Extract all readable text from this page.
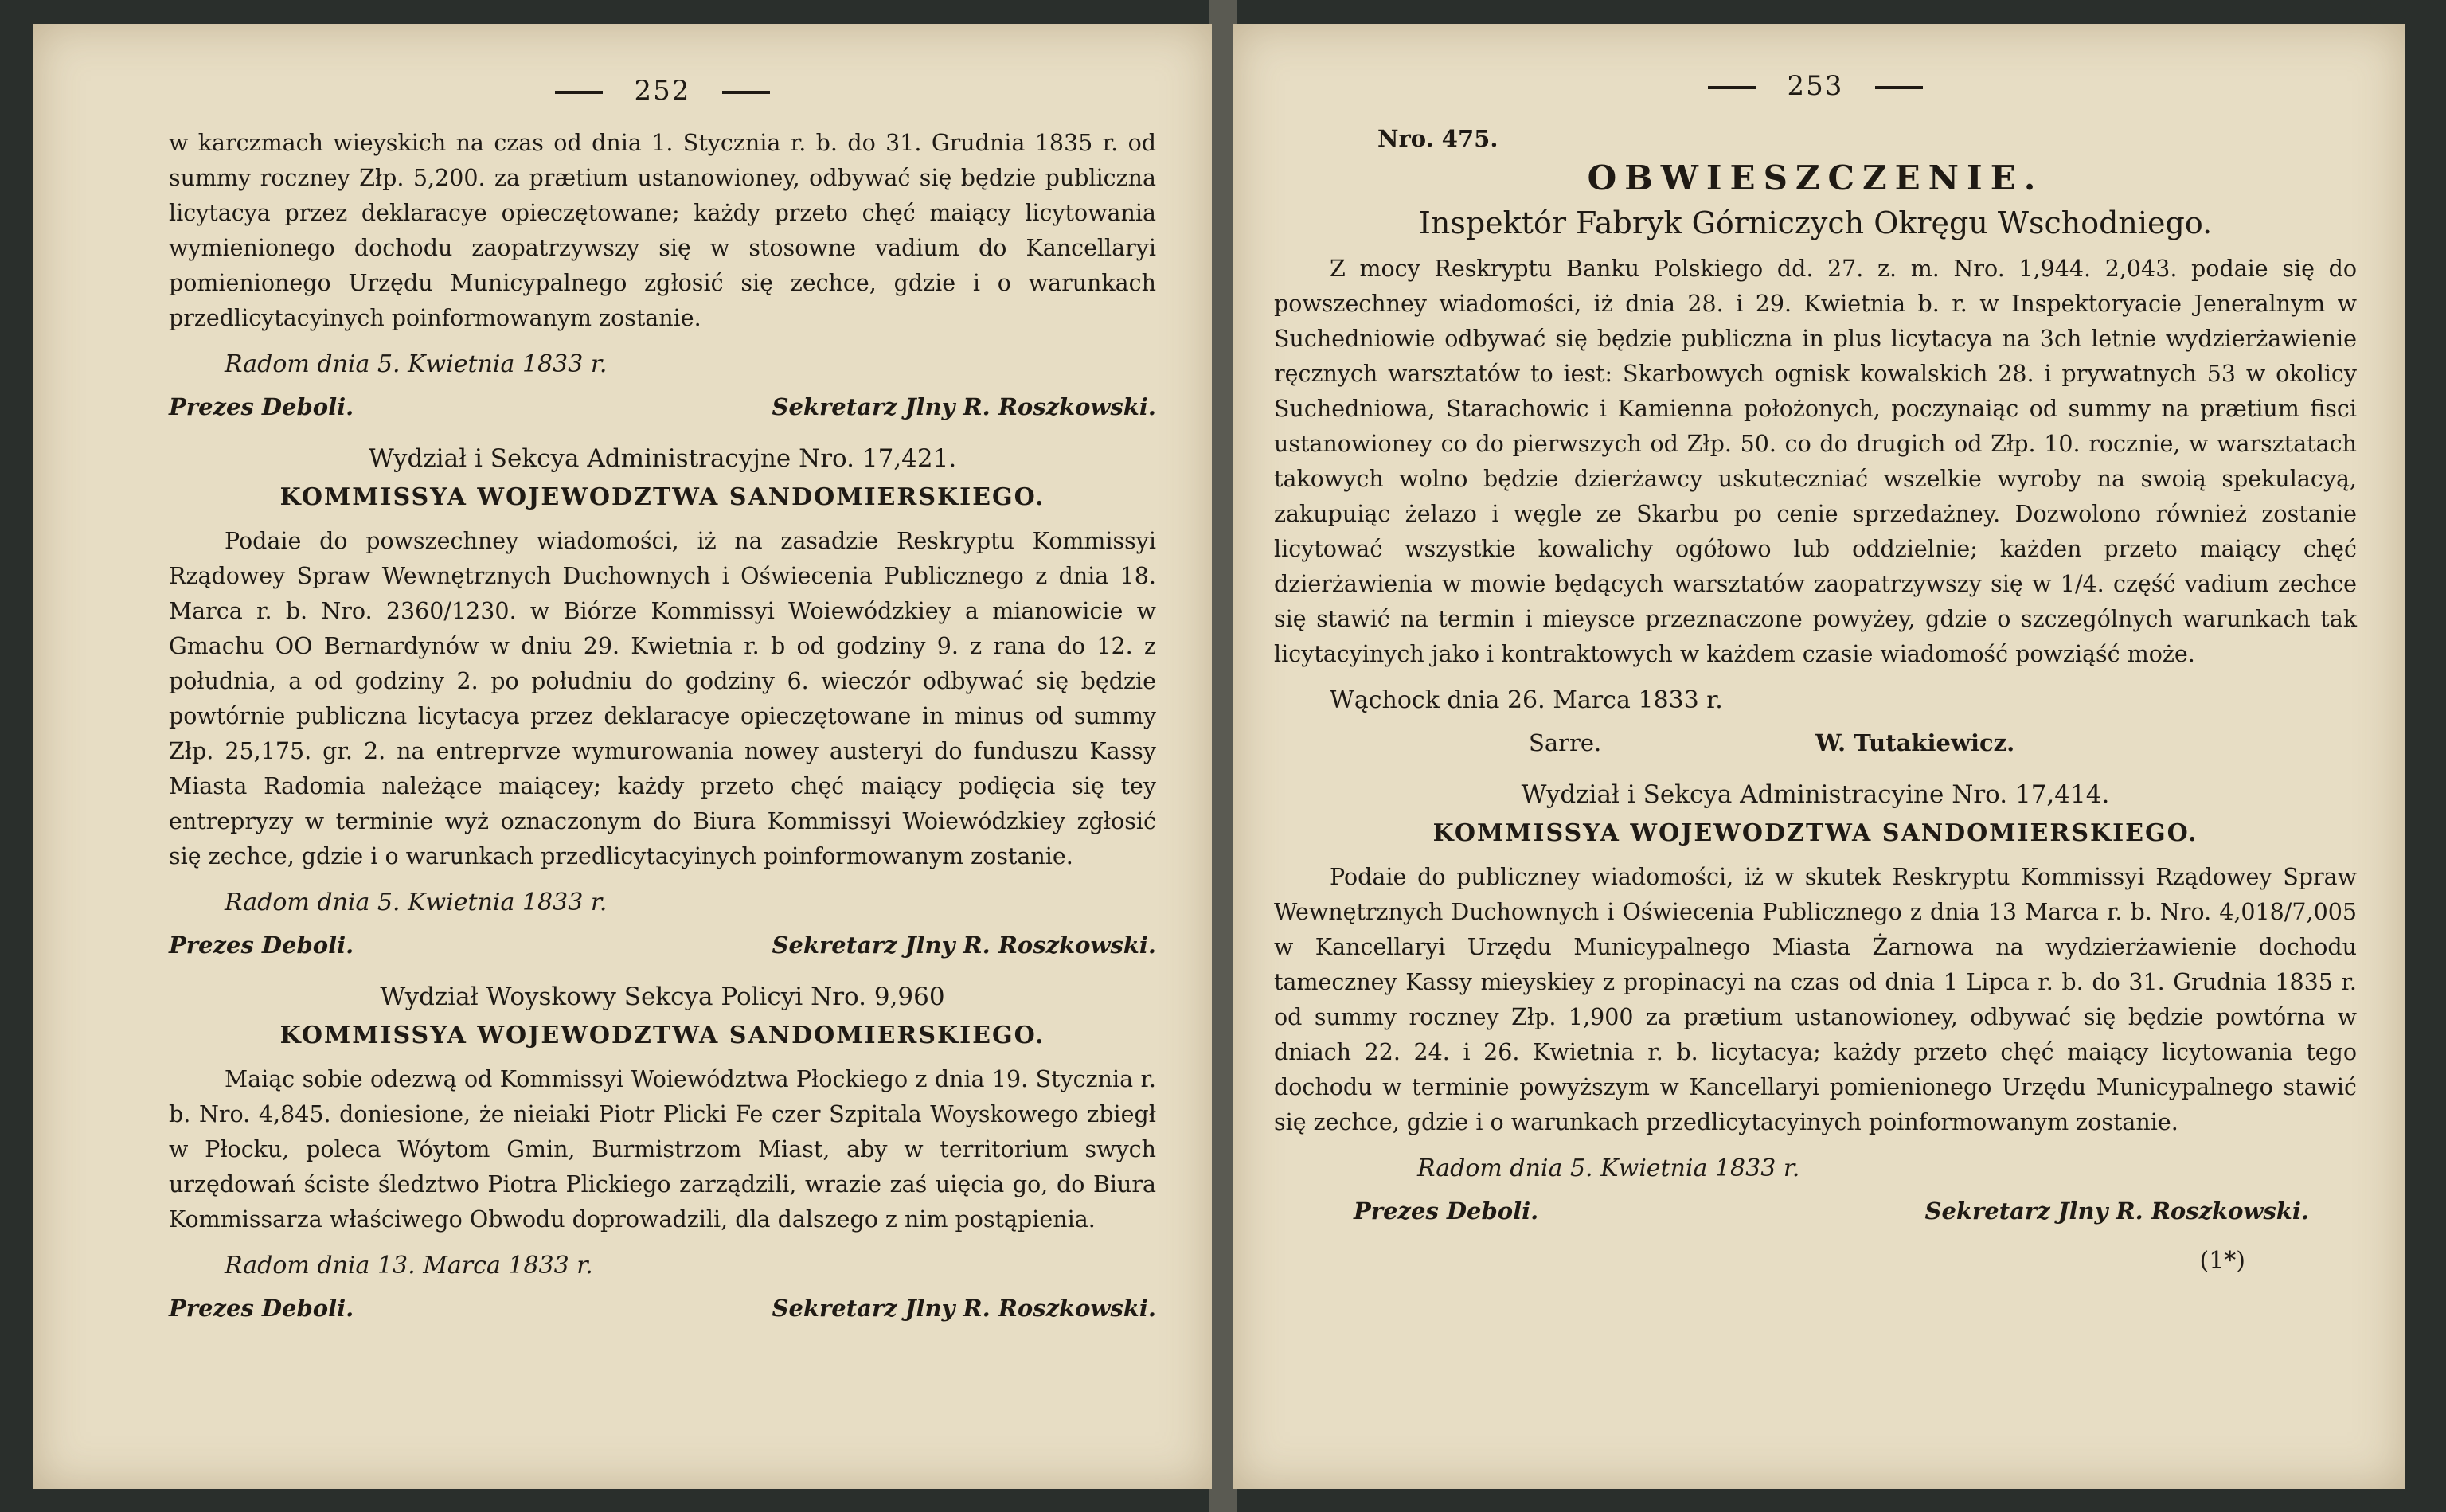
252

w karczmach wieyskich na czas od dnia 1. Stycznia r. b. do 31. Grudnia 1835 r. od summy roczney Złp. 5,200. za prætium ustanowioney, odbywać się będzie publiczna licytacya przez deklaracye opieczętowane; każdy przeto chęć maiący licytowania wymienionego dochodu zaopatrzywszy się w stosowne vadium do Kancellaryi pomienionego Urzędu Municypalnego zgłosić się zechce, gdzie i o warunkach przedlicytacyinych poinformowanym zostanie.

Radom dnia 5. Kwietnia 1833 r.
Prezes Deboli.	Sekretarz Jlny R. Roszkowski.
Wydział i Sekcya Administracyjne Nro. 17,421.
KOMMISSYA WOJEWODZTWA SANDOMIERSKIEGO.

Podaie do powszechney wiadomości, iż na zasadzie Reskryptu Kommissyi Rządowey Spraw Wewnętrznych Duchownych i Oświecenia Publicznego z dnia 18. Marca r. b. Nro. 2360/1230. w Biórze Kommissyi Woiewódzkiey a mianowicie w Gmachu OO Bernardynów w dniu 29. Kwietnia r. b od godziny 9. z rana do 12. z południa, a od godziny 2. po południu do godziny 6. wieczór odbywać się będzie powtórnie publiczna licytacya przez deklaracye opieczętowane in minus od summy Złp. 25,175. gr. 2. na entreprvze wymurowania nowey austeryi do funduszu Kassy Miasta Radomia należące maiącey; każdy przeto chęć maiący podięcia się tey entrepryzy w terminie wyż oznaczonym do Biura Kommissyi Woiewódzkiey zgłosić się zechce, gdzie i o warunkach przedlicytacyinych poinformowanym zostanie.

Radom dnia 5. Kwietnia 1833 r.
Prezes Deboli.	Sekretarz Jlny R. Roszkowski.
Wydział Woyskowy Sekcya Policyi Nro. 9,960
KOMMISSYA WOJEWODZTWA SANDOMIERSKIEGO.

Maiąc sobie odezwą od Kommissyi Woiewództwa Płockiego z dnia 19. Stycznia r. b. Nro. 4,845. doniesione, że nieiaki Piotr Plicki Fe czer Szpitala Woyskowego zbiegł w Płocku, poleca Wóytom Gmin, Burmistrzom Miast, aby w territorium swych urzędowań ściste śledztwo Piotra Plickiego zarządzili, wrazie zaś uięcia go, do Biura Kommissarza właściwego Obwodu doprowadzili, dla dalszego z nim postąpienia.

Radom dnia 13. Marca 1833 r.
Prezes Deboli.	Sekretarz Jlny R. Roszkowski.
253
Nro. 475.
OBWIESZCZENIE.
Inspektór Fabryk Górniczych Okręgu Wschodniego.

Z mocy Reskryptu Banku Polskiego dd. 27. z. m. Nro. 1,944. 2,043. podaie się do powszechney wiadomości, iż dnia 28. i 29. Kwietnia b. r. w Inspektoryacie Jeneralnym w Suchedniowie odbywać się będzie publiczna in plus licytacya na 3ch letnie wydzierżawienie ręcznych warsztatów to iest: Skarbowych ognisk kowalskich 28. i prywatnych 53 w okolicy Suchedniowa, Starachowic i Kamienna położonych, poczynaiąc od summy na prætium fisci ustanowioney co do pierwszych od Złp. 50. co do drugich od Złp. 10. rocznie, w warsztatach takowych wolno będzie dzierżawcy uskuteczniać wszelkie wyroby na swoią spekulacyą, zakupuiąc żelazo i węgle ze Skarbu po cenie sprzedażney. Dozwolono również zostanie licytować wszystkie kowalichy ogółowo lub oddzielnie; każden przeto maiący chęć dzierżawienia w mowie będących warsztatów zaopatrzywszy się w 1/4. część vadium zechce się stawić na termin i mieysce przeznaczone powyżey, gdzie o szczególnych warunkach tak licytacyinych jako i kontraktowych w każdem czasie wiadomość powziąść może.

Wąchock dnia 26. Marca 1833 r.
Sarre.	W. Tutakiewicz.
Wydział i Sekcya Administracyine Nro. 17,414.
KOMMISSYA WOJEWODZTWA SANDOMIERSKIEGO.

Podaie do publiczney wiadomości, iż w skutek Reskryptu Kommissyi Rządowey Spraw Wewnętrznych Duchownych i Oświecenia Publicznego z dnia 13 Marca r. b. Nro. 4,018/7,005 w Kancellaryi Urzędu Municypalnego Miasta Żarnowa na wydzierżawienie dochodu tameczney Kassy mieyskiey z propinacyi na czas od dnia 1 Lipca r. b. do 31. Grudnia 1835 r. od summy roczney Złp. 1,900 za prætium ustanowioney, odbywać się będzie powtórna w dniach 22. 24. i 26. Kwietnia r. b. licytacya; każdy przeto chęć maiący licytowania tego dochodu w terminie powyższym w Kancellaryi pomienionego Urzędu Municypalnego stawić się zechce, gdzie i o warunkach przedlicytacyinych poinformowanym zostanie.

Radom dnia 5. Kwietnia 1833 r.
Prezes Deboli.	Sekretarz Jlny R. Roszkowski.
(1*)
